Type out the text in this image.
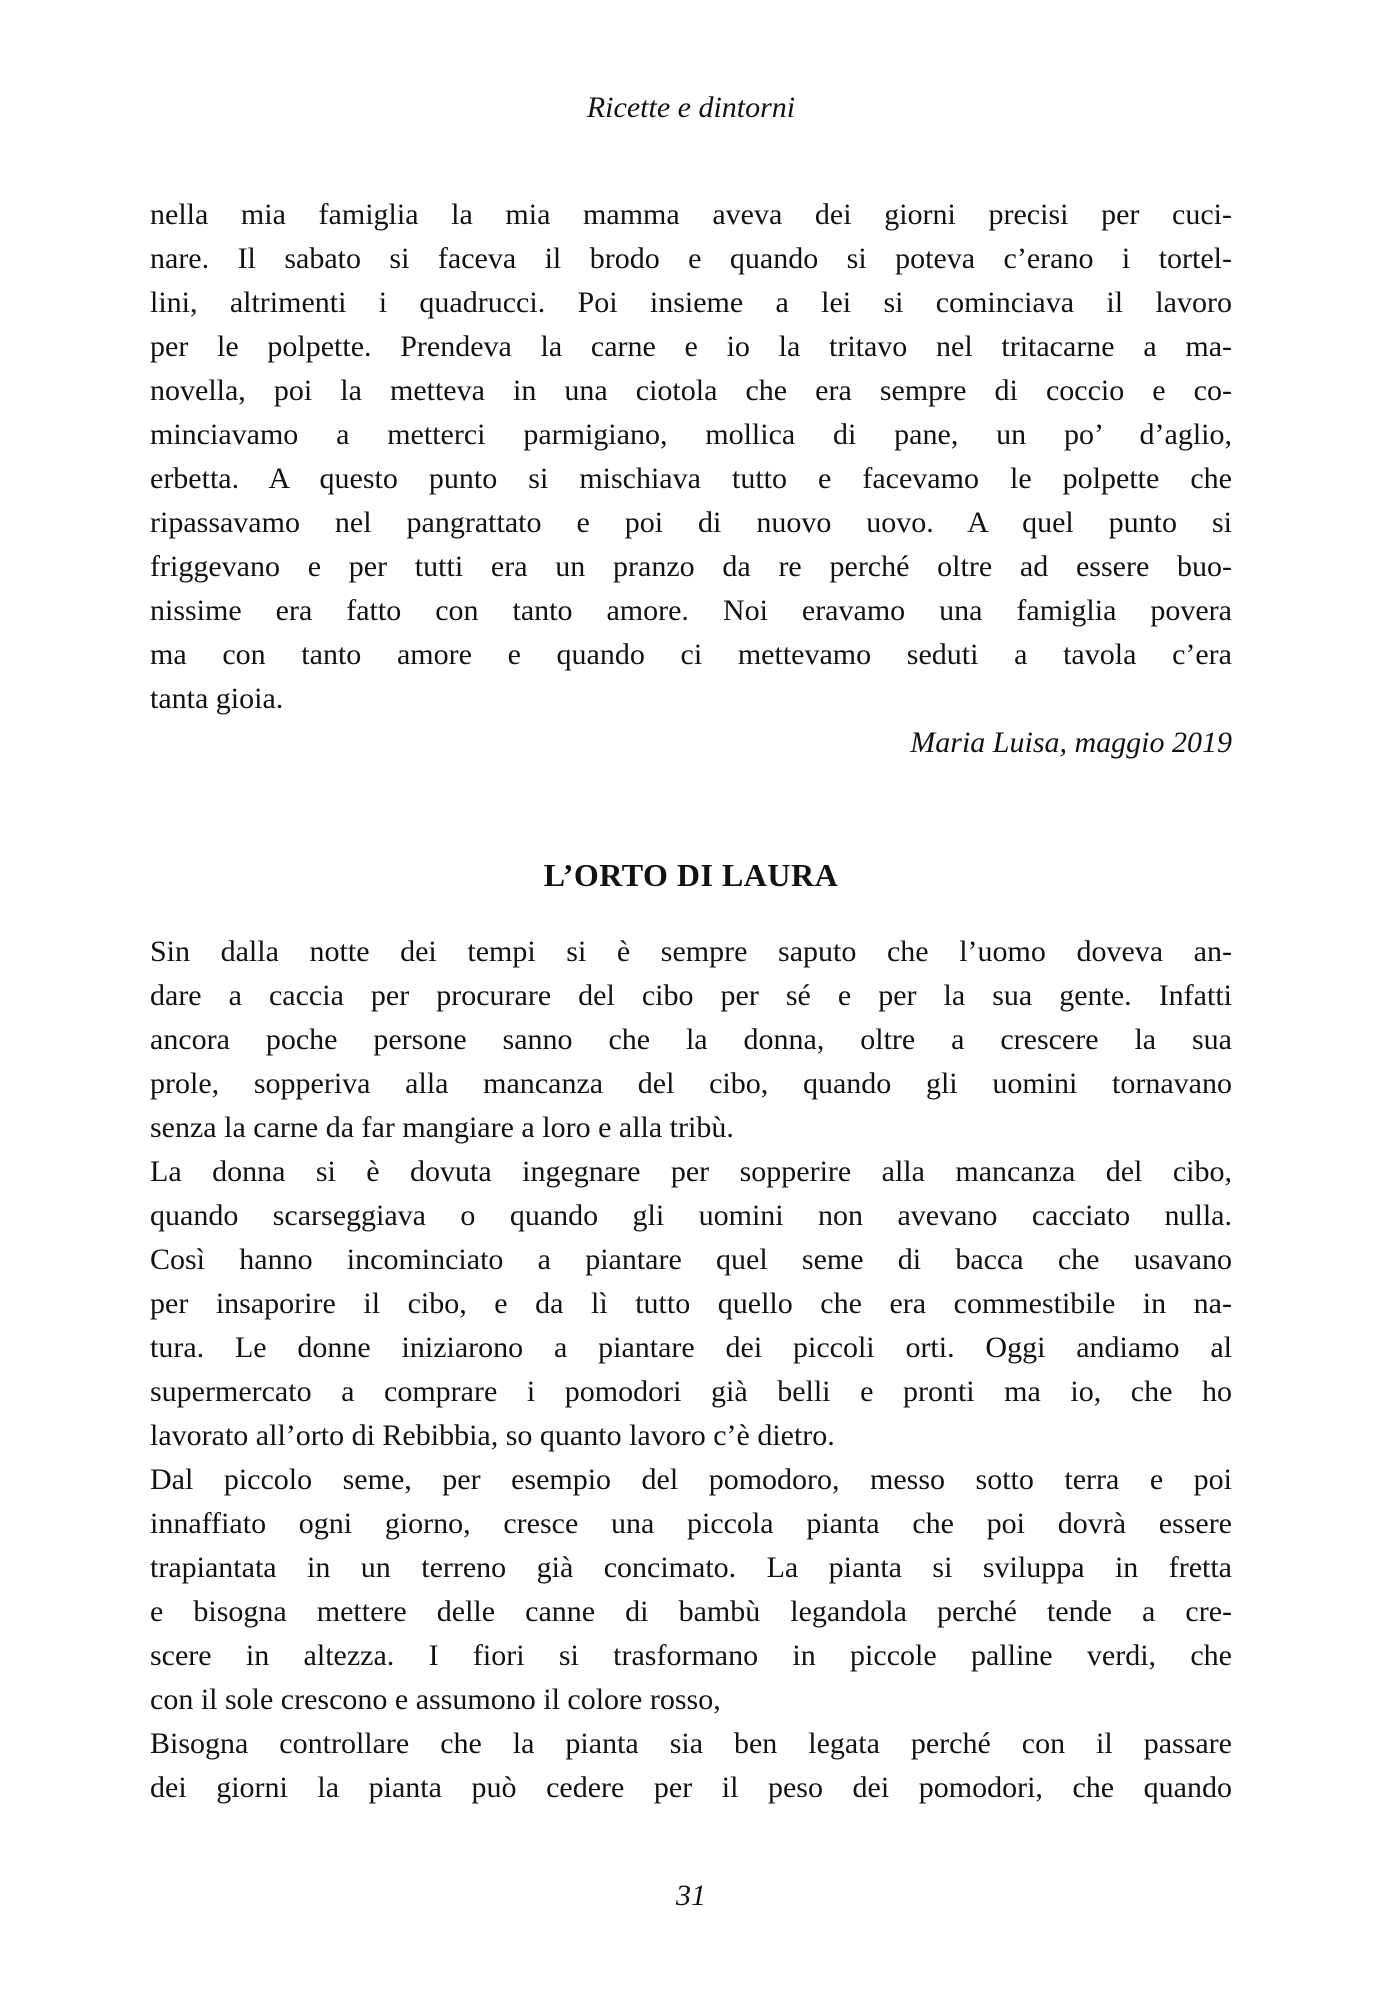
Ricette e dintorni
nella mia famiglia la mia mamma aveva dei giorni precisi per cuci-
nare. Il sabato si faceva il brodo e quando si poteva c’erano i tortel-
lini, altrimenti i quadrucci. Poi insieme a lei si cominciava il lavoro
per le polpette. Prendeva la carne e io la tritavo nel tritacarne a ma-
novella, poi la metteva in una ciotola che era sempre di coccio e co-
minciavamo a metterci parmigiano, mollica di pane, un po’ d’aglio,
erbetta. A questo punto si mischiava tutto e facevamo le polpette che
ripassavamo nel pangrattato e poi di nuovo uovo. A quel punto si
friggevano e per tutti era un pranzo da re perché oltre ad essere buo-
nissime era fatto con tanto amore. Noi eravamo una famiglia povera
ma con tanto amore e quando ci mettevamo seduti a tavola c’era
tanta gioia.
Maria Luisa, maggio 2019
L’ORTO DI LAURA
Sin dalla notte dei tempi si è sempre saputo che l’uomo doveva an-
dare a caccia per procurare del cibo per sé e per la sua gente. Infatti
ancora poche persone sanno che la donna, oltre a crescere la sua
prole, sopperiva alla mancanza del cibo, quando gli uomini tornavano
senza la carne da far mangiare a loro e alla tribù.
La donna si è dovuta ingegnare per sopperire alla mancanza del cibo,
quando scarseggiava o quando gli uomini non avevano cacciato nulla.
Così hanno incominciato a piantare quel seme di bacca che usavano
per insaporire il cibo, e da lì tutto quello che era commestibile in na-
tura. Le donne iniziarono a piantare dei piccoli orti. Oggi andiamo al
supermercato a comprare i pomodori già belli e pronti ma io, che ho
lavorato all’orto di Rebibbia, so quanto lavoro c’è dietro.
Dal piccolo seme, per esempio del pomodoro, messo sotto terra e poi
innaffiato ogni giorno, cresce una piccola pianta che poi dovrà essere
trapiantata in un terreno già concimato. La pianta si sviluppa in fretta
e bisogna mettere delle canne di bambù legandola perché tende a cre-
scere in altezza. I fiori si trasformano in piccole palline verdi, che
con il sole crescono e assumono il colore rosso,
Bisogna controllare che la pianta sia ben legata perché con il passare
dei giorni la pianta può cedere per il peso dei pomodori, che quando
31
